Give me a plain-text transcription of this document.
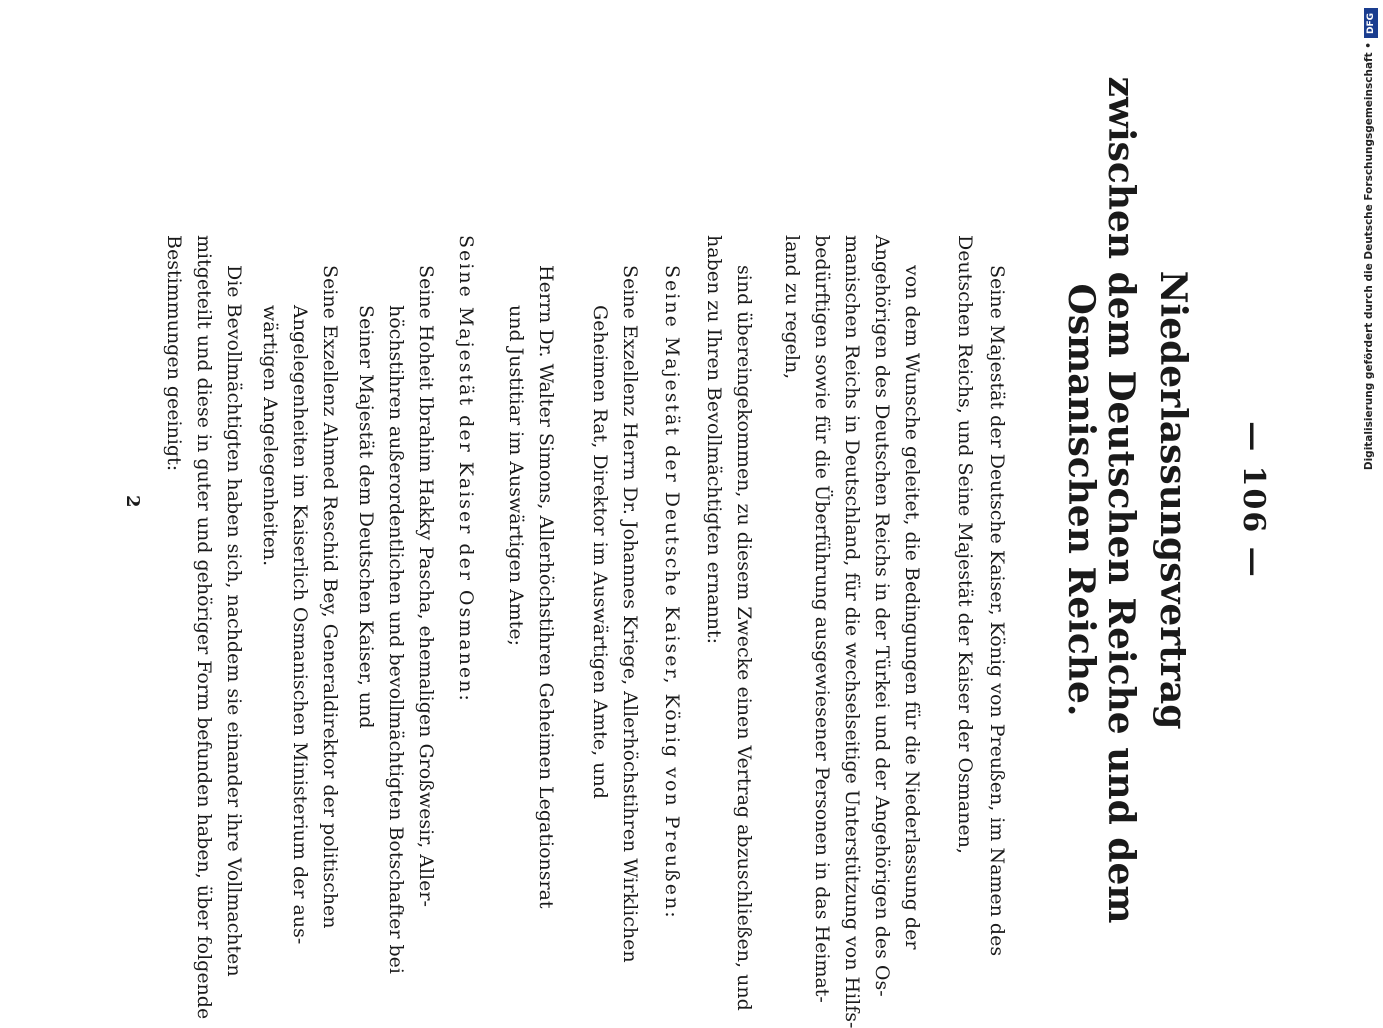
— 106 —
Niederlassungsvertrag
zwischen dem Deutschen Reiche und dem
Osmanischen Reiche.
Seine Majestät der Deutsche Kaiser, König von Preußen, im Namen des
Deutschen Reichs, und Seine Majestät der Kaiser der Osmanen,
von dem Wunsche geleitet, die Bedingungen für die Niederlassung der
Angehörigen des Deutschen Reichs in der Türkei und der Angehörigen des Os-
manischen Reichs in Deutschland, für die wechselseitige Unterstützung von Hilfs-
bedürftigen sowie für die Überführung ausgewiesener Personen in das Heimat-
land zu regeln,
sind übereingekommen, zu diesem Zwecke einen Vertrag abzuschließen, und
haben zu Ihren Bevollmächtigten ernannt:
Seine Majestät der Deutsche Kaiser, König von Preußen:
Seine Exzellenz Herrn Dr. Johannes Kriege, Allerhöchstihren Wirklichen
Geheimen Rat, Direktor im Auswärtigen Amte, und
Herrn Dr. Walter Simons, Allerhöchstihren Geheimen Legationsrat
und Justitiar im Auswärtigen Amte;
Seine Majestät der Kaiser der Osmanen:
Seine Hoheit Ibrahim Hakky Pascha, ehemaligen Großwesir, Aller-
höchstihren außerordentlichen und bevollmächtigten Botschafter bei
Seiner Majestät dem Deutschen Kaiser, und
Seine Exzellenz Ahmed Reschid Bey, Generaldirektor der politischen
Angelegenheiten im Kaiserlich Osmanischen Ministerium der aus-
wärtigen Angelegenheiten.
Die Bevollmächtigten haben sich, nachdem sie einander ihre Vollmachten
mitgeteilt und diese in guter und gehöriger Form befunden haben, über folgende
Bestimmungen geeinigt:
2
DFG
Digitalisierung gefördert durch die Deutsche Forschungsgemeinschaft •
